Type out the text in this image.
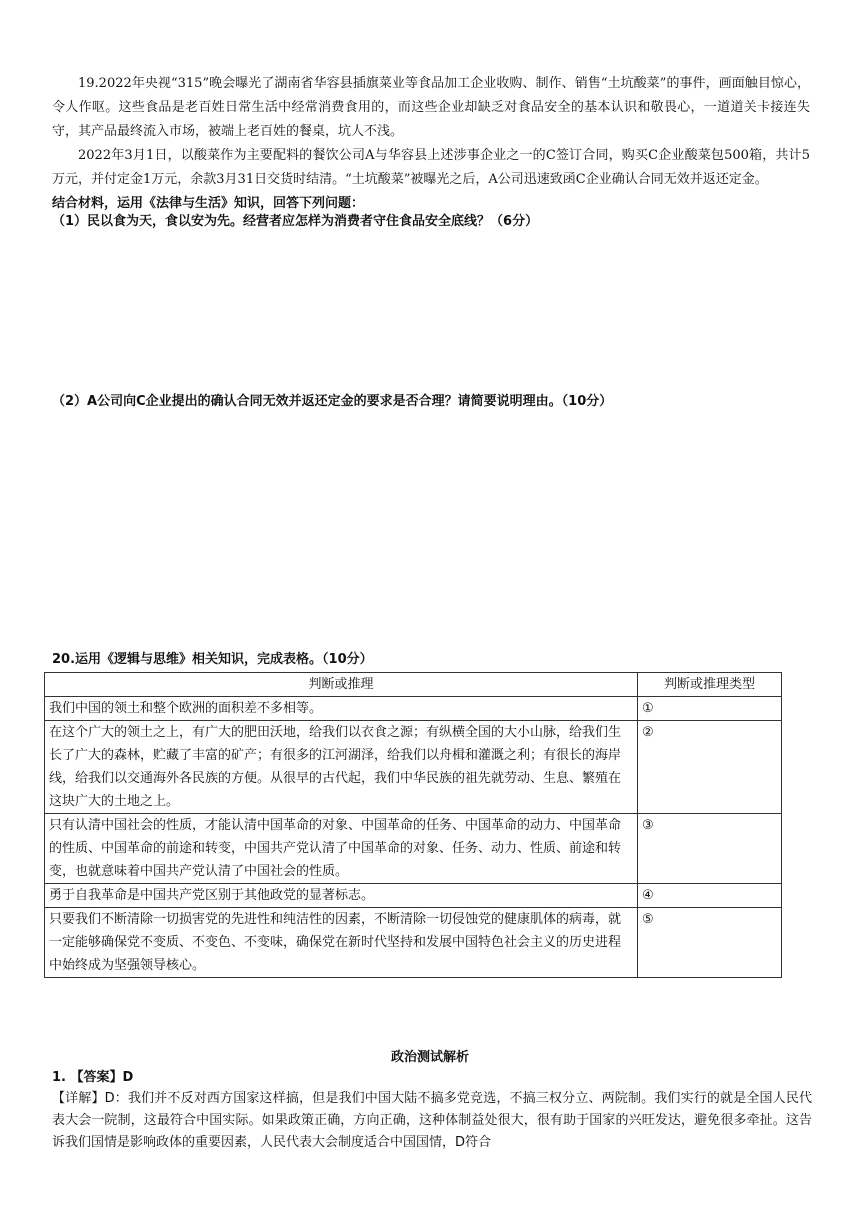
19.2022年央视“315”晚会曝光了湖南省华容县插旗菜业等食品加工企业收购、制作、销售“土坑酸菜”的事件，画面触目惊心，令人作呕。这些食品是老百姓日常生活中经常消费食用的，而这些企业却缺乏对食品安全的基本认识和敬畏心，一道道关卡接连失守，其产品最终流入市场，被端上老百姓的餐桌，坑人不浅。

2022年3月1日，以酸菜作为主要配料的餐饮公司A与华容县上述涉事企业之一的C签订合同，购买C企业酸菜包500箱，共计5万元，并付定金1万元，余款3月31日交货时结清。“土坑酸菜”被曝光之后，A公司迅速致函C企业确认合同无效并返还定金。

结合材料，运用《法律与生活》知识，回答下列问题：

（1）民以食为天，食以安为先。经营者应怎样为消费者守住食品安全底线？（6分）

（2）A公司向C企业提出的确认合同无效并返还定金的要求是否合理？请简要说明理由。（10分）

20.运用《逻辑与思维》相关知识，完成表格。（10分）

判断或推理	判断或推理类型
我们中国的领土和整个欧洲的面积差不多相等。	①
在这个广大的领土之上，有广大的肥田沃地，给我们以衣食之源；有纵横全国的大小山脉，给我们生长了广大的森林，贮藏了丰富的矿产；有很多的江河湖泽，给我们以舟楫和灌溉之利；有很长的海岸线，给我们以交通海外各民族的方便。从很早的古代起，我们中华民族的祖先就劳动、生息、繁殖在这块广大的土地之上。	②
只有认清中国社会的性质，才能认清中国革命的对象、中国革命的任务、中国革命的动力、中国革命的性质、中国革命的前途和转变，中国共产党认清了中国革命的对象、任务、动力、性质、前途和转变，也就意味着中国共产党认清了中国社会的性质。	③
勇于自我革命是中国共产党区别于其他政党的显著标志。	④
只要我们不断清除一切损害党的先进性和纯洁性的因素，不断清除一切侵蚀党的健康肌体的病毒，就一定能够确保党不变质、不变色、不变味，确保党在新时代坚持和发展中国特色社会主义的历史进程中始终成为坚强领导核心。	⑤
政治测试解析

1. 【答案】D

【详解】D：我们并不反对西方国家这样搞，但是我们中国大陆不搞多党竞选，不搞三权分立、两院制。我们实行的就是全国人民代表大会一院制，这最符合中国实际。如果政策正确，方向正确，这种体制益处很大，很有助于国家的兴旺发达，避免很多牵扯。这告诉我们国情是影响政体的重要因素，人民代表大会制度适合中国国情，D符合
